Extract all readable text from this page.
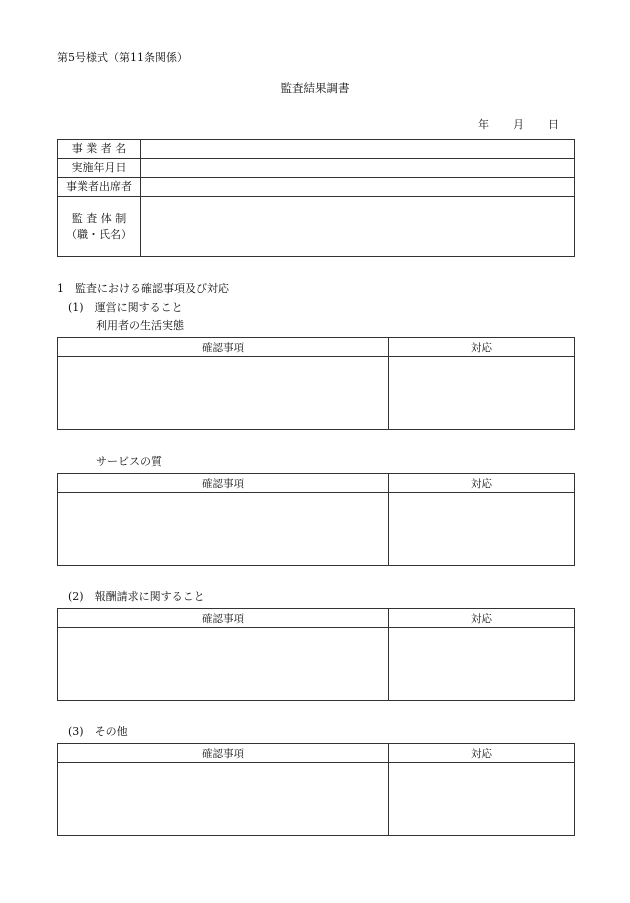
第5号様式（第11条関係）
監査結果調書
年 月 日
事 業 者 名	
実施年月日	
事業者出席者	

監 査 体 制
（職・氏名）	

1　監査における確認事項及び対応
(1)　運営に関すること
利用者の生活実態
確認事項	対応

サービスの質
確認事項	対応

(2)　報酬請求に関すること
確認事項	対応

(3)　その他
確認事項	対応
